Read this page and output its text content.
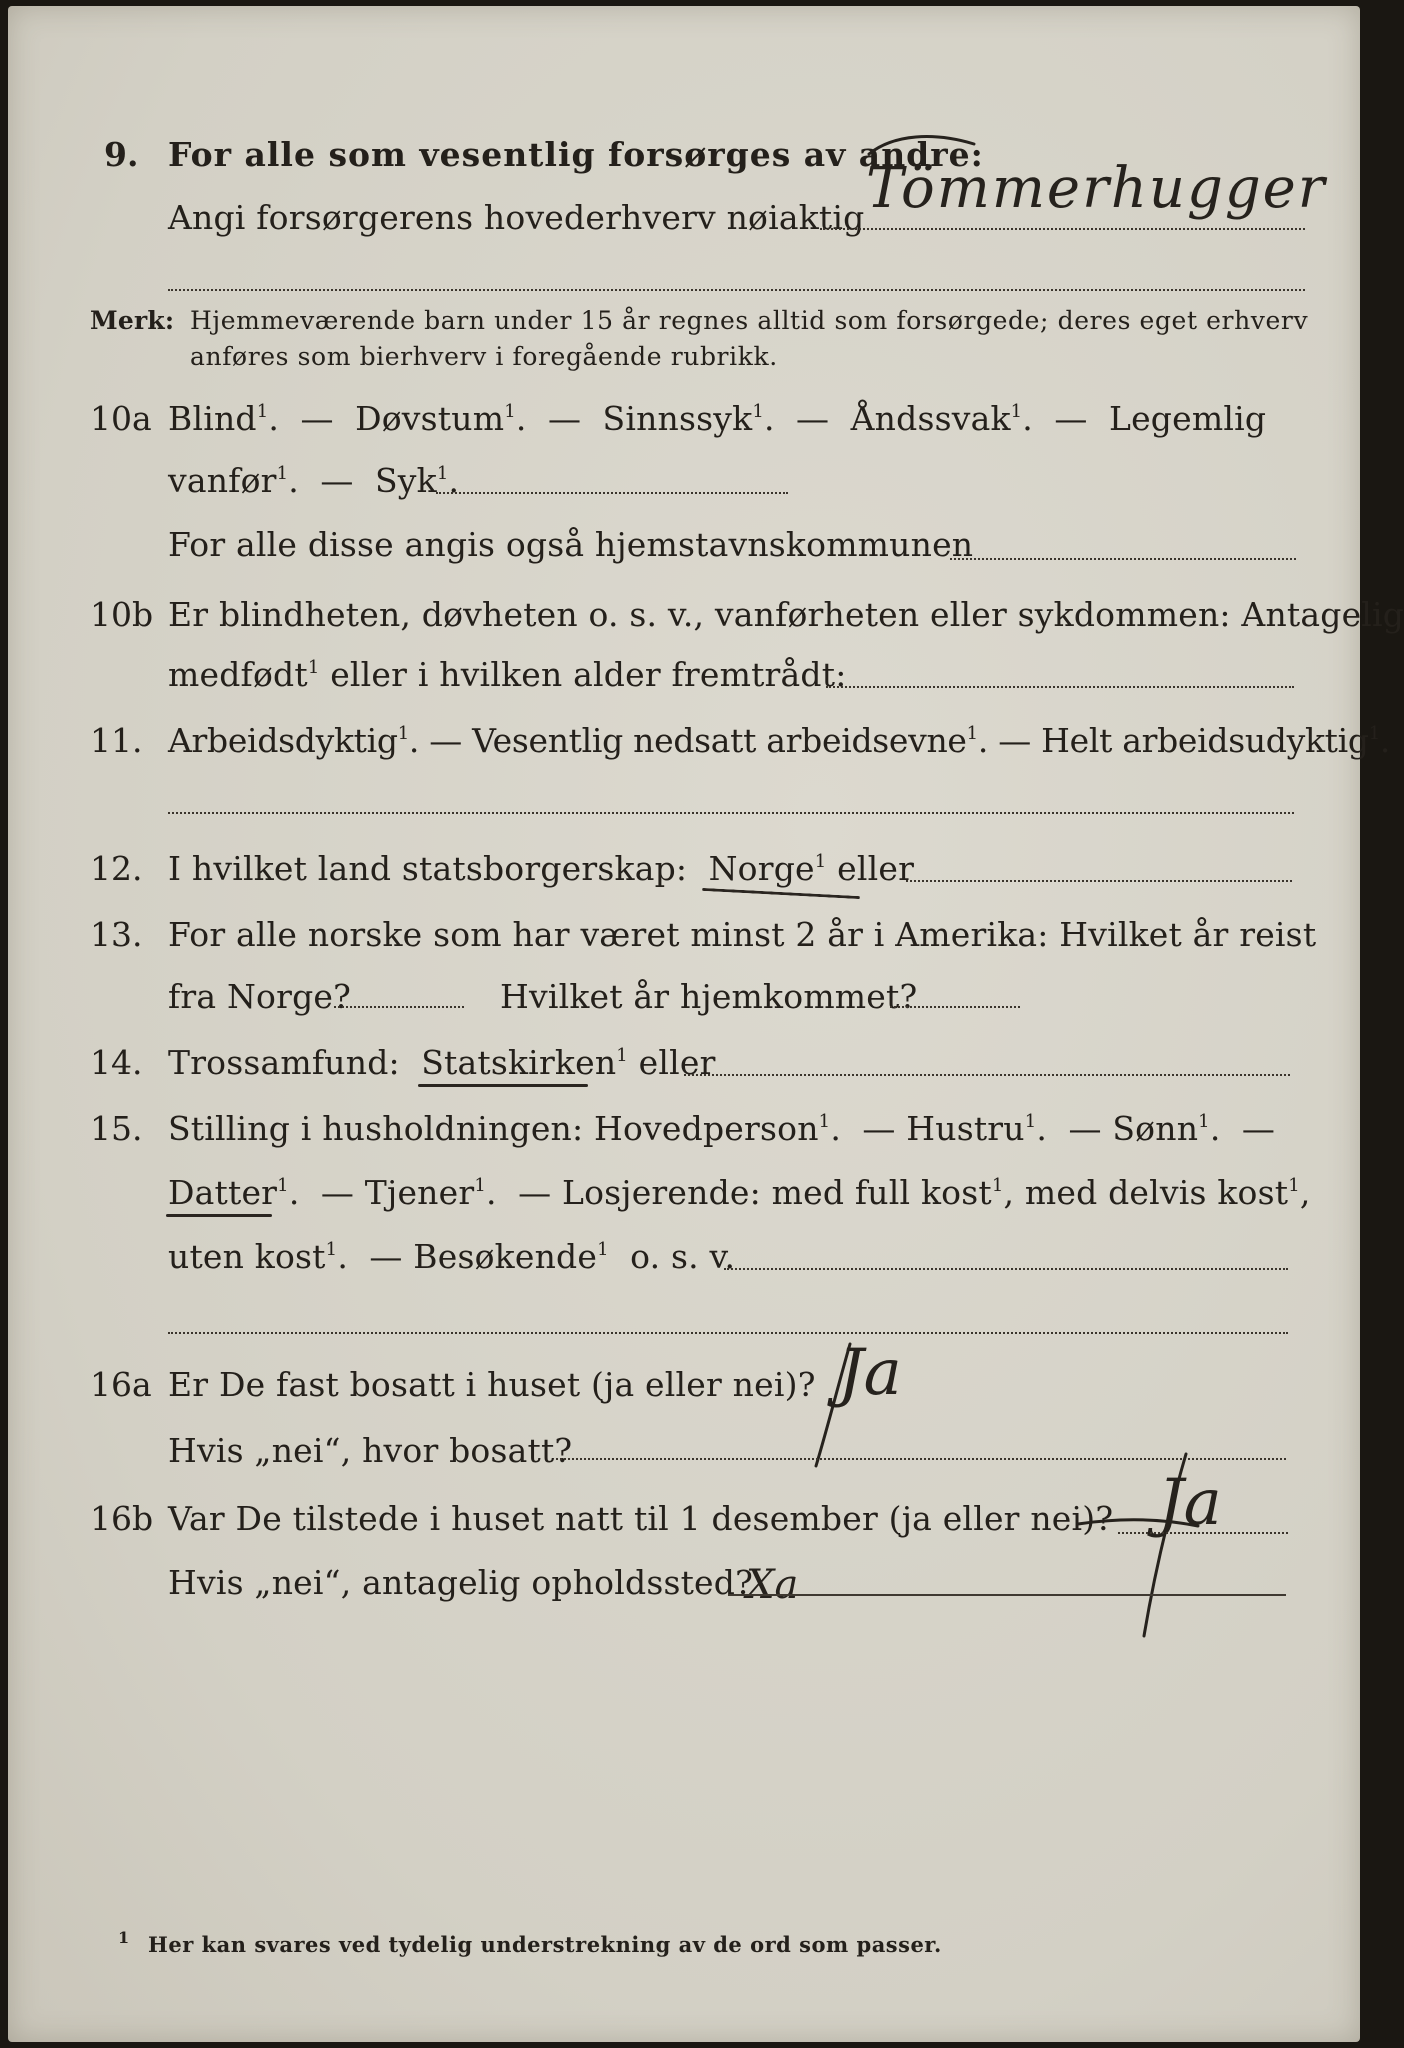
9. For alle som vesentlig forsørges av andre:
Angi forsørgerens hovederhverv nøiaktig Tömmerhugger
Merk: Hjemmeværende barn under 15 år regnes alltid som forsørgede; deres eget erhverv
anføres som bierhverv i foregående rubrikk.
10a Blind$^1$.  — Døvstum$^1$.  — Sinnssyk$^1$.  — Åndssvak$^1$.  — Legemlig
vanfør$^1$.  — Syk$^1$.
For alle disse angis også hjemstavnskommunen
10b Er blindheten, døvheten o. s. v., vanførheten eller sykdommen: Antagelig
medfødt$^1$ eller i hvilken alder fremtrådt:
11. Arbeidsdyktig$^1$. — Vesentlig nedsatt arbeidsevne$^1$. — Helt arbeidsudyktig$^1$.
12. I hvilket land statsborgerskap: Norge$^1$ eller
13. For alle norske som har været minst 2 år i Amerika: Hvilket år reist
fra Norge?	Hvilket år hjemkommet?
14. Trossamfund: Statskirken$^1$ eller
15. Stilling i husholdningen: Hovedperson$^1$.  — Hustru$^1$.  — Sønn$^1$.  —
Datter$^1$.  — Tjener$^1$.  — Losjerende: med full kost$^1$, med delvis kost$^1$,
uten kost$^1$.  — Besøkende$^1$ o. s. v.
16a Er De fast bosatt i huset (ja eller nei)? Ja
Hvis „nei“, hvor bosatt?
16b Var De tilstede i huset natt til 1 desember (ja eller nei)? Ja
Hvis „nei“, antagelig opholdssted?
Xa
1 Her kan svares ved tydelig understrekning av de ord som passer.
